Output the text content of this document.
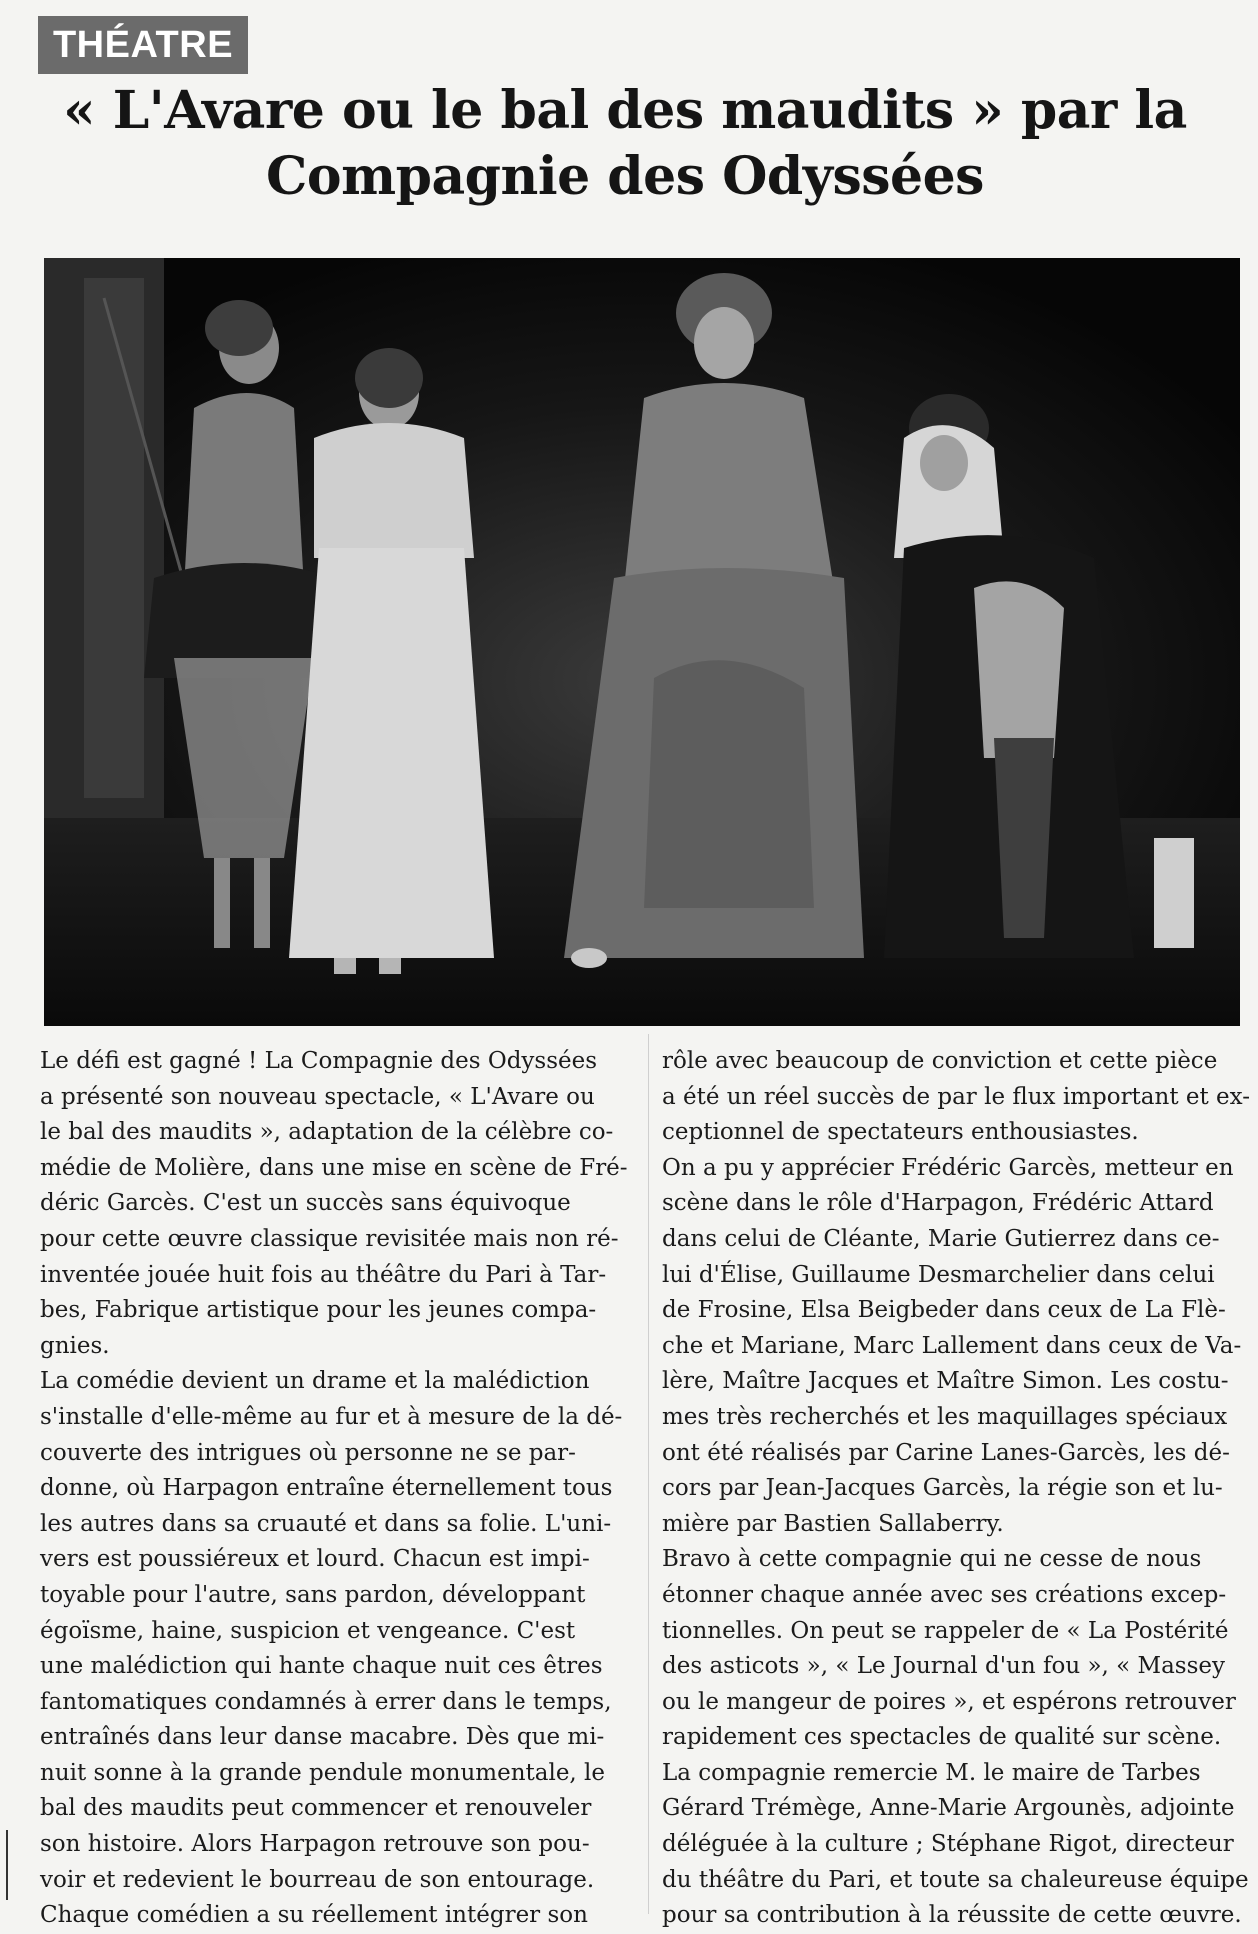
THÉATRE
« L'Avare ou le bal des maudits » par la
Compagnie des Odyssées
Le défi est gagné ! La Compagnie des Odyssées
a présenté son nouveau spectacle, « L'Avare ou
le bal des maudits », adaptation de la célèbre co-
médie de Molière, dans une mise en scène de Fré-
déric Garcès. C'est un succès sans équivoque
pour cette œuvre classique revisitée mais non ré-
inventée jouée huit fois au théâtre du Pari à Tar-
bes, Fabrique artistique pour les jeunes compa-
gnies.
La comédie devient un drame et la malédiction
s'installe d'elle-même au fur et à mesure de la dé-
couverte des intrigues où personne ne se par-
donne, où Harpagon entraîne éternellement tous
les autres dans sa cruauté et dans sa folie. L'uni-
vers est poussiéreux et lourd. Chacun est impi-
toyable pour l'autre, sans pardon, développant
égoïsme, haine, suspicion et vengeance. C'est
une malédiction qui hante chaque nuit ces êtres
fantomatiques condamnés à errer dans le temps,
entraînés dans leur danse macabre. Dès que mi-
nuit sonne à la grande pendule monumentale, le
bal des maudits peut commencer et renouveler
son histoire. Alors Harpagon retrouve son pou-
voir et redevient le bourreau de son entourage.
Chaque comédien a su réellement intégrer son
rôle avec beaucoup de conviction et cette pièce
a été un réel succès de par le flux important et ex-
ceptionnel de spectateurs enthousiastes.
On a pu y apprécier Frédéric Garcès, metteur en
scène dans le rôle d'Harpagon, Frédéric Attard
dans celui de Cléante, Marie Gutierrez dans ce-
lui d'Élise, Guillaume Desmarchelier dans celui
de Frosine, Elsa Beigbeder dans ceux de La Flè-
che et Mariane, Marc Lallement dans ceux de Va-
lère, Maître Jacques et Maître Simon. Les costu-
mes très recherchés et les maquillages spéciaux
ont été réalisés par Carine Lanes-Garcès, les dé-
cors par Jean-Jacques Garcès, la régie son et lu-
mière par Bastien Sallaberry.
Bravo à cette compagnie qui ne cesse de nous
étonner chaque année avec ses créations excep-
tionnelles. On peut se rappeler de « La Postérité
des asticots », « Le Journal d'un fou », « Massey
ou le mangeur de poires », et espérons retrouver
rapidement ces spectacles de qualité sur scène.
La compagnie remercie M. le maire de Tarbes
Gérard Trémège, Anne-Marie Argounès, adjointe
déléguée à la culture ; Stéphane Rigot, directeur
du théâtre du Pari, et toute sa chaleureuse équipe
pour sa contribution à la réussite de cette œuvre.
